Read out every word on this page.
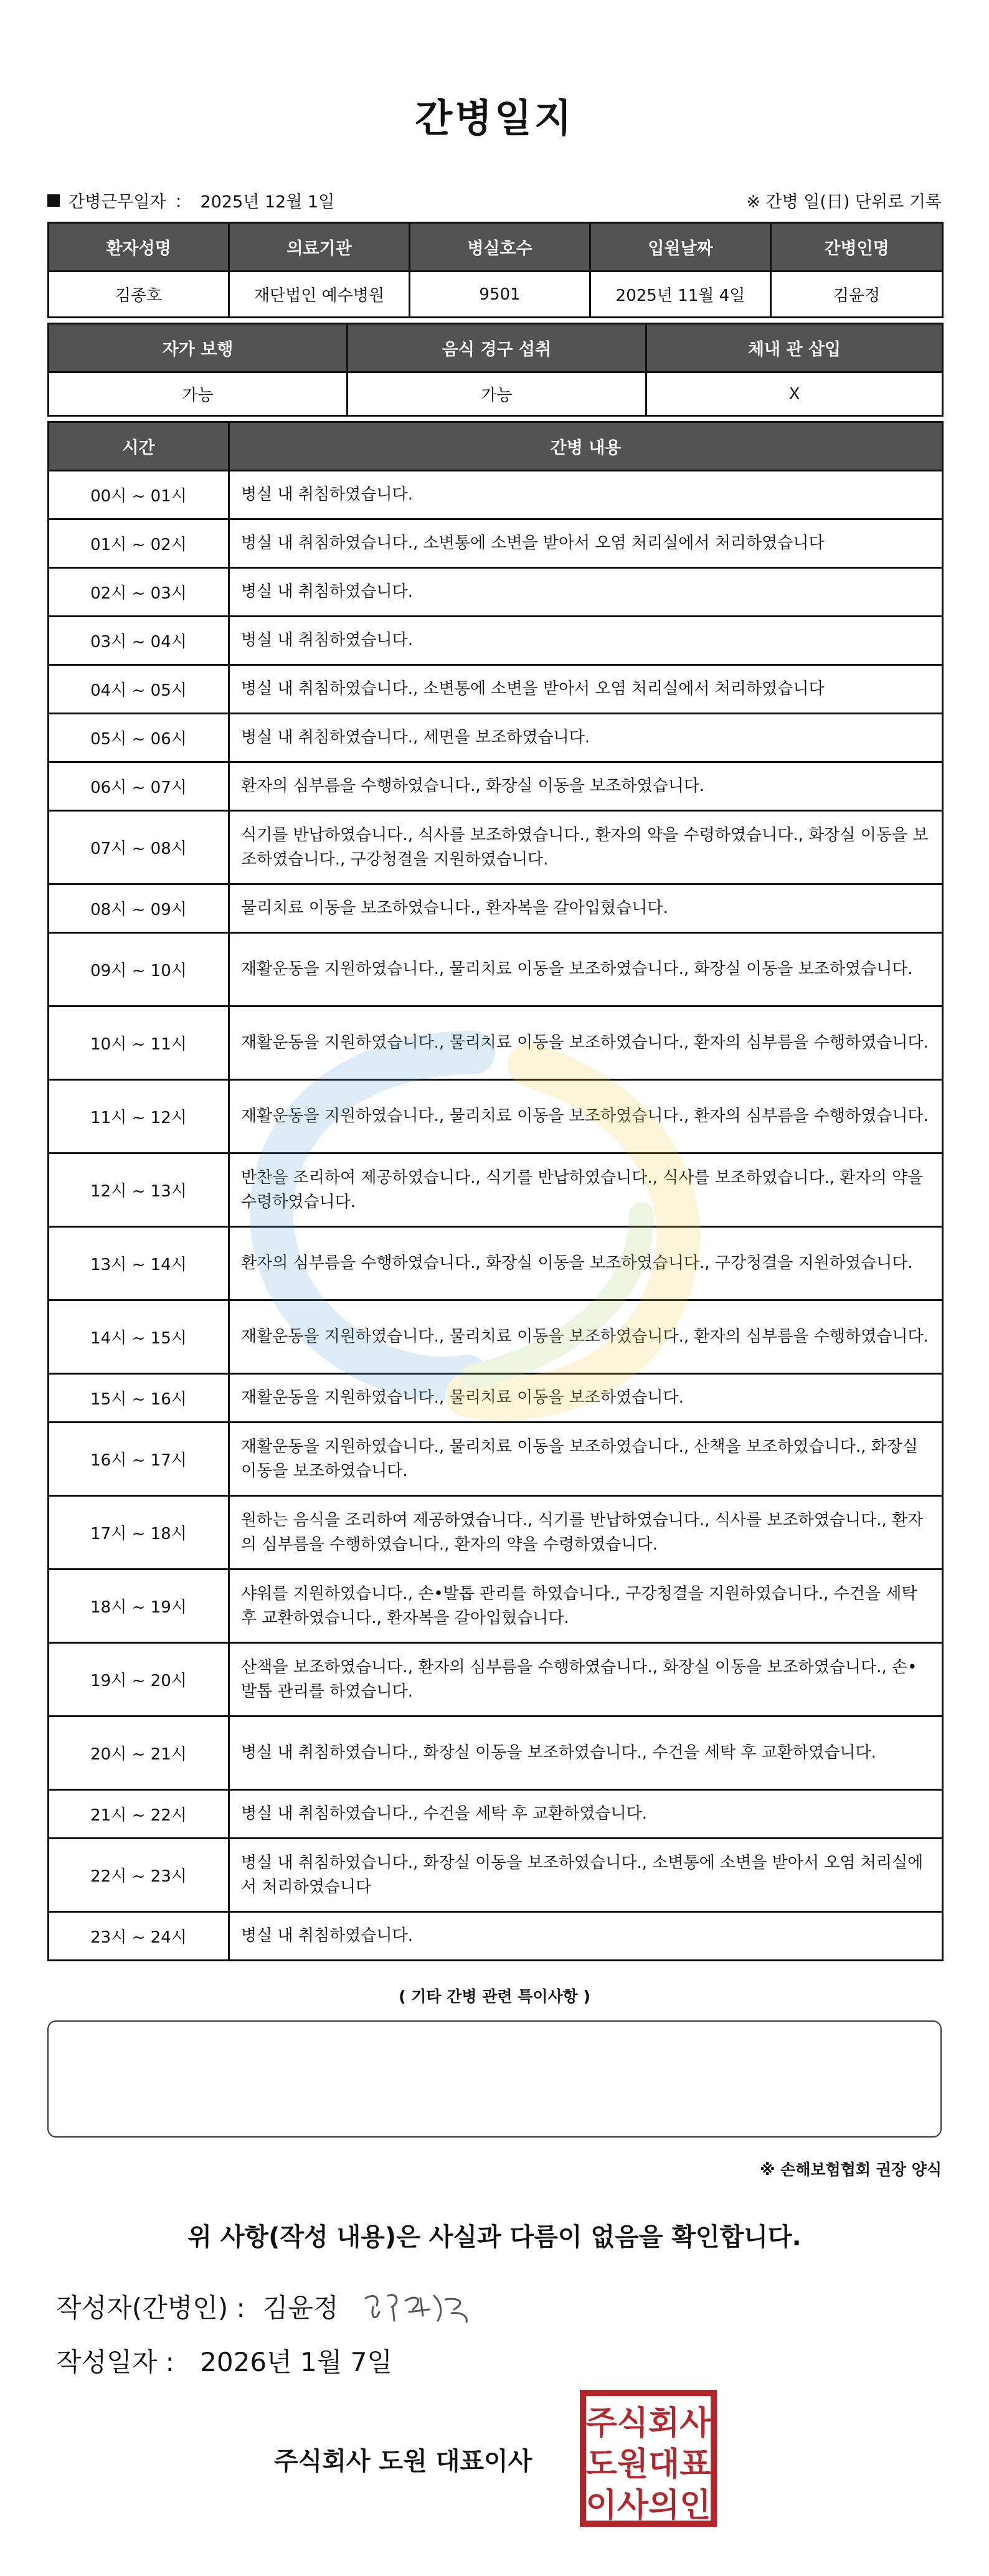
간병일지
간병근무일자 ： 2025년 12월 1일	※ 간병 일(日) 단위로 기록
환자성명	의료기관	병실호수	입원날짜	간병인명
김종호	재단법인 예수병원	9501	2025년 11월 4일	김윤정
자가 보행	음식 경구 섭취	체내 관 삽입
가능	가능	X
시간	간병 내용
00시 ~ 01시	병실 내 취침하였습니다.
01시 ~ 02시	병실 내 취침하였습니다., 소변통에 소변을 받아서 오염 처리실에서 처리하였습니다
02시 ~ 03시	병실 내 취침하였습니다.
03시 ~ 04시	병실 내 취침하였습니다.
04시 ~ 05시	병실 내 취침하였습니다., 소변통에 소변을 받아서 오염 처리실에서 처리하였습니다
05시 ~ 06시	병실 내 취침하였습니다., 세면을 보조하였습니다.
06시 ~ 07시	환자의 심부름을 수행하였습니다., 화장실 이동을 보조하였습니다.
07시 ~ 08시	식기를 반납하였습니다., 식사를 보조하였습니다., 환자의 약을 수령하였습니다., 화장실 이동을 보조하였습니다., 구강청결을 지원하였습니다.
08시 ~ 09시	물리치료 이동을 보조하였습니다., 환자복을 갈아입혔습니다.
09시 ~ 10시	재활운동을 지원하였습니다., 물리치료 이동을 보조하였습니다., 화장실 이동을 보조하였습니다.
10시 ~ 11시	재활운동을 지원하였습니다., 물리치료 이동을 보조하였습니다., 환자의 심부름을 수행하였습니다.
11시 ~ 12시	재활운동을 지원하였습니다., 물리치료 이동을 보조하였습니다., 환자의 심부름을 수행하였습니다.
12시 ~ 13시	반찬을 조리하여 제공하였습니다., 식기를 반납하였습니다., 식사를 보조하였습니다., 환자의 약을 수령하였습니다.
13시 ~ 14시	환자의 심부름을 수행하였습니다., 화장실 이동을 보조하였습니다., 구강청결을 지원하였습니다.
14시 ~ 15시	재활운동을 지원하였습니다., 물리치료 이동을 보조하였습니다., 환자의 심부름을 수행하였습니다.
15시 ~ 16시	재활운동을 지원하였습니다., 물리치료 이동을 보조하였습니다.
16시 ~ 17시	재활운동을 지원하였습니다., 물리치료 이동을 보조하였습니다., 산책을 보조하였습니다., 화장실 이동을 보조하였습니다.
17시 ~ 18시	원하는 음식을 조리하여 제공하였습니다., 식기를 반납하였습니다., 식사를 보조하였습니다., 환자의 심부름을 수행하였습니다., 환자의 약을 수령하였습니다.
18시 ~ 19시	샤워를 지원하였습니다., 손•발톱 관리를 하였습니다., 구강청결을 지원하였습니다., 수건을 세탁 후 교환하였습니다., 환자복을 갈아입혔습니다.
19시 ~ 20시	산책을 보조하였습니다., 환자의 심부름을 수행하였습니다., 화장실 이동을 보조하였습니다., 손•발톱 관리를 하였습니다.
20시 ~ 21시	병실 내 취침하였습니다., 화장실 이동을 보조하였습니다., 수건을 세탁 후 교환하였습니다.
21시 ~ 22시	병실 내 취침하였습니다., 수건을 세탁 후 교환하였습니다.
22시 ~ 23시	병실 내 취침하였습니다., 화장실 이동을 보조하였습니다., 소변통에 소변을 받아서 오염 처리실에서 처리하였습니다
23시 ~ 24시	병실 내 취침하였습니다.
( 기타 간병 관련 특이사항 )
※ 손해보험협회 권장 양식
위 사항(작성 내용)은 사실과 다름이 없음을 확인합니다.
작성자(간병인) : 김윤정
작성일자 : 2026년 1월 7일
주식회사 도원 대표이사
주식회사
도원대표
이사의인
